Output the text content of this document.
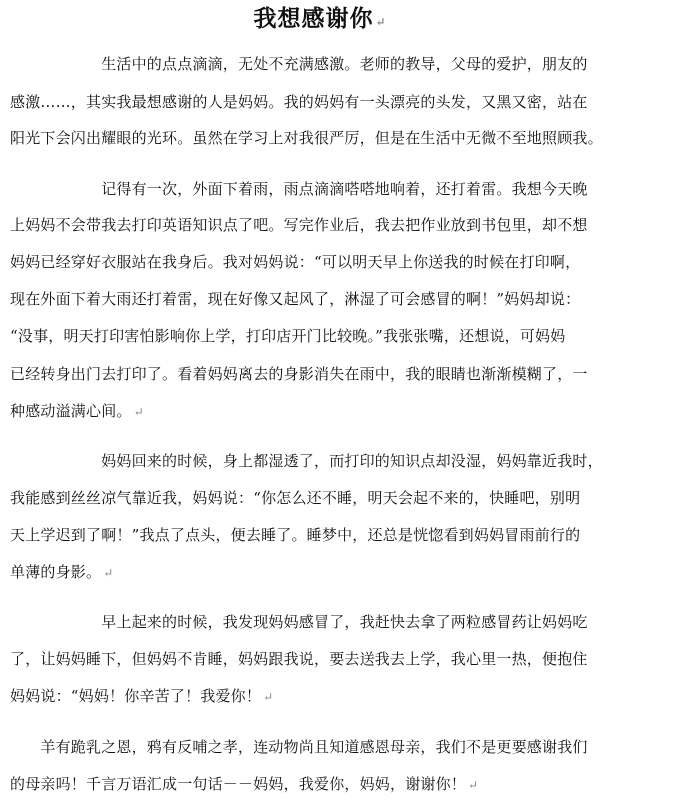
我想感谢你 ↵
　　　　　　生活中的点点滴滴，无处不充满感激。老师的教导，父母的爱护，朋友的
感激……，其实我最想感谢的人是妈妈。我的妈妈有一头漂亮的头发，又黑又密，站在
阳光下会闪出耀眼的光环。虽然在学习上对我很严厉，但是在生活中无微不至地照顾我。
　　　　　　记得有一次，外面下着雨，雨点滴滴嗒嗒地响着，还打着雷。我想今天晚
上妈妈不会带我去打印英语知识点了吧。写完作业后，我去把作业放到书包里，却不想
妈妈已经穿好衣服站在我身后。我对妈妈说：“可以明天早上你送我的时候在打印啊，
现在外面下着大雨还打着雷，现在好像又起风了，淋湿了可会感冒的啊！”妈妈却说：
“没事，明天打印害怕影响你上学，打印店开门比较晚。”我张张嘴，还想说，可妈妈
已经转身出门去打印了。看着妈妈离去的身影消失在雨中，我的眼睛也渐渐模糊了，一
种感动溢满心间。 ↵
　　　　　　妈妈回来的时候，身上都湿透了，而打印的知识点却没湿，妈妈靠近我时，
我能感到丝丝凉气靠近我，妈妈说：“你怎么还不睡，明天会起不来的，快睡吧，别明
天上学迟到了啊！”我点了点头，便去睡了。睡梦中，还总是恍惚看到妈妈冒雨前行的
单薄的身影。 ↵
　　　　　　早上起来的时候，我发现妈妈感冒了，我赶快去拿了两粒感冒药让妈妈吃
了，让妈妈睡下，但妈妈不肯睡，妈妈跟我说，要去送我去上学，我心里一热，便抱住
妈妈说：“妈妈！你辛苦了！我爱你！ ↵
　　羊有跪乳之恩，鸦有反哺之孝，连动物尚且知道感恩母亲，我们不是更要感谢我们
的母亲吗！千言万语汇成一句话－－妈妈，我爱你，妈妈，谢谢你！ ↵
